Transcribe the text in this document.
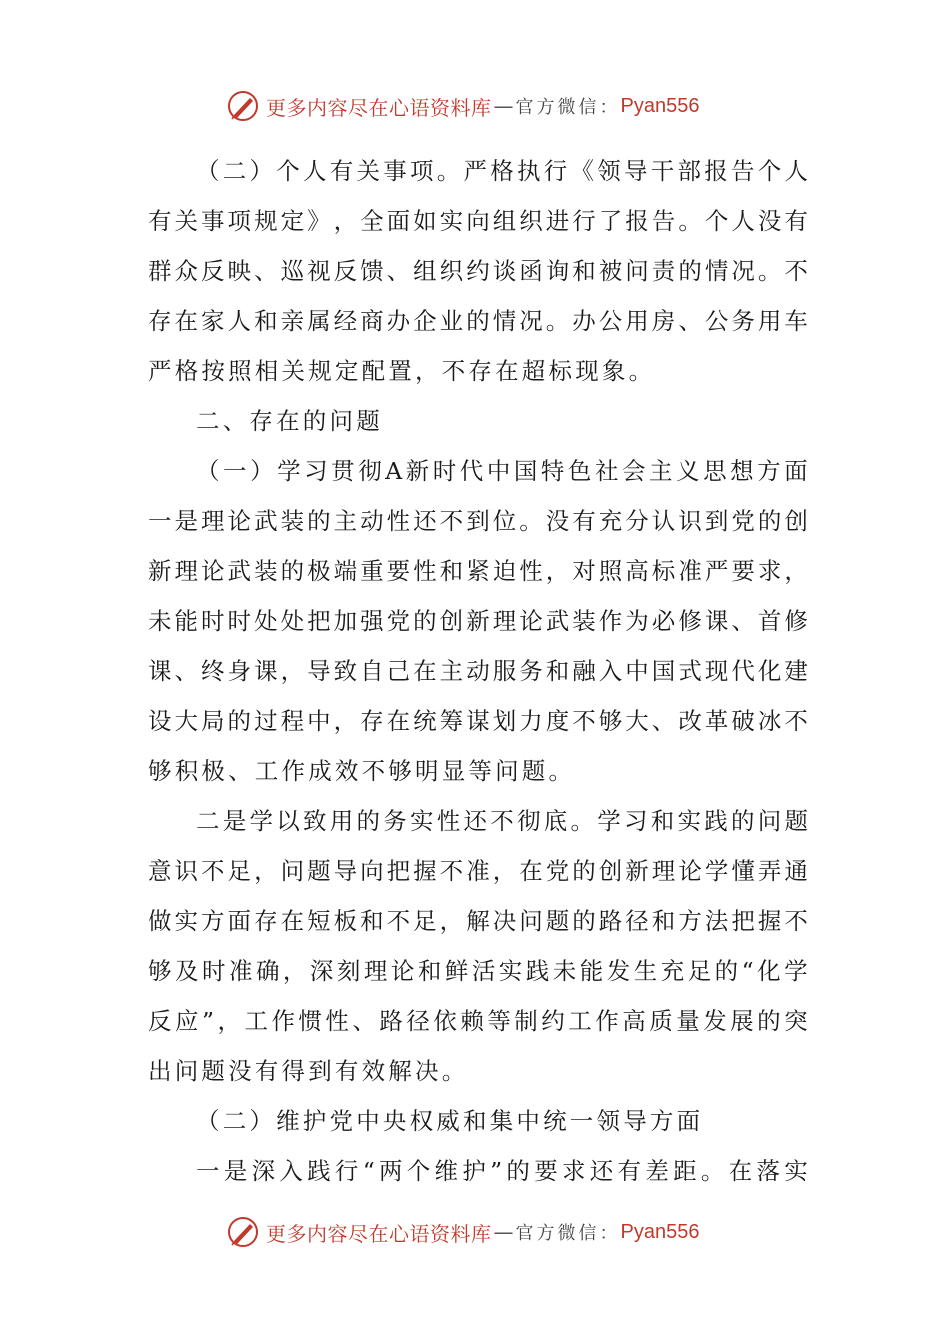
更多内容尽在心语资料库 — 官方微信： Pyan556
（ 二 ） 个 人 有 关 事 项 。 严 格 执 行 《 领 导 干 部 报 告 个 人
有 关 事 项 规 定 》 ， 全 面 如 实 向 组 织 进 行 了 报 告 。 个 人 没 有
群 众 反 映 、 巡 视 反 馈 、 组 织 约 谈 函 询 和 被 问 责 的 情 况 。 不
存 在 家 人 和 亲 属 经 商 办 企 业 的 情 况 。 办 公 用 房 、 公 务 用 车
严格按照相关规定配置，不存在超标现象。
二、存在的问题
（ 一 ） 学 习 贯 彻 A 新 时 代 中 国 特 色 社 会 主 义 思 想 方 面
一 是 理 论 武 装 的 主 动 性 还 不 到 位 。 没 有 充 分 认 识 到 党 的 创
新 理 论 武 装 的 极 端 重 要 性 和 紧 迫 性 ， 对 照 高 标 准 严 要 求 ，
未 能 时 时 处 处 把 加 强 党 的 创 新 理 论 武 装 作 为 必 修 课 、 首 修
课 、 终 身 课 ， 导 致 自 己 在 主 动 服 务 和 融 入 中 国 式 现 代 化 建
设 大 局 的 过 程 中 ， 存 在 统 筹 谋 划 力 度 不 够 大 、 改 革 破 冰 不
够积极、工作成效不够明显等问题。
二 是 学 以 致 用 的 务 实 性 还 不 彻 底 。 学 习 和 实 践 的 问 题
意 识 不 足 ， 问 题 导 向 把 握 不 准 ， 在 党 的 创 新 理 论 学 懂 弄 通
做 实 方 面 存 在 短 板 和 不 足 ， 解 决 问 题 的 路 径 和 方 法 把 握 不
够 及 时 准 确 ， 深 刻 理 论 和 鲜 活 实 践 未 能 发 生 充 足 的 “ 化 学
反 应 ” ， 工 作 惯 性 、 路 径 依 赖 等 制 约 工 作 高 质 量 发 展 的 突
出问题没有得到有效解决。
（二）维护党中央权威和集中统一领导方面
一 是 深 入 践 行 “ 两 个 维 护 ” 的 要 求 还 有 差 距 。 在 落 实
更多内容尽在心语资料库 — 官方微信： Pyan556
